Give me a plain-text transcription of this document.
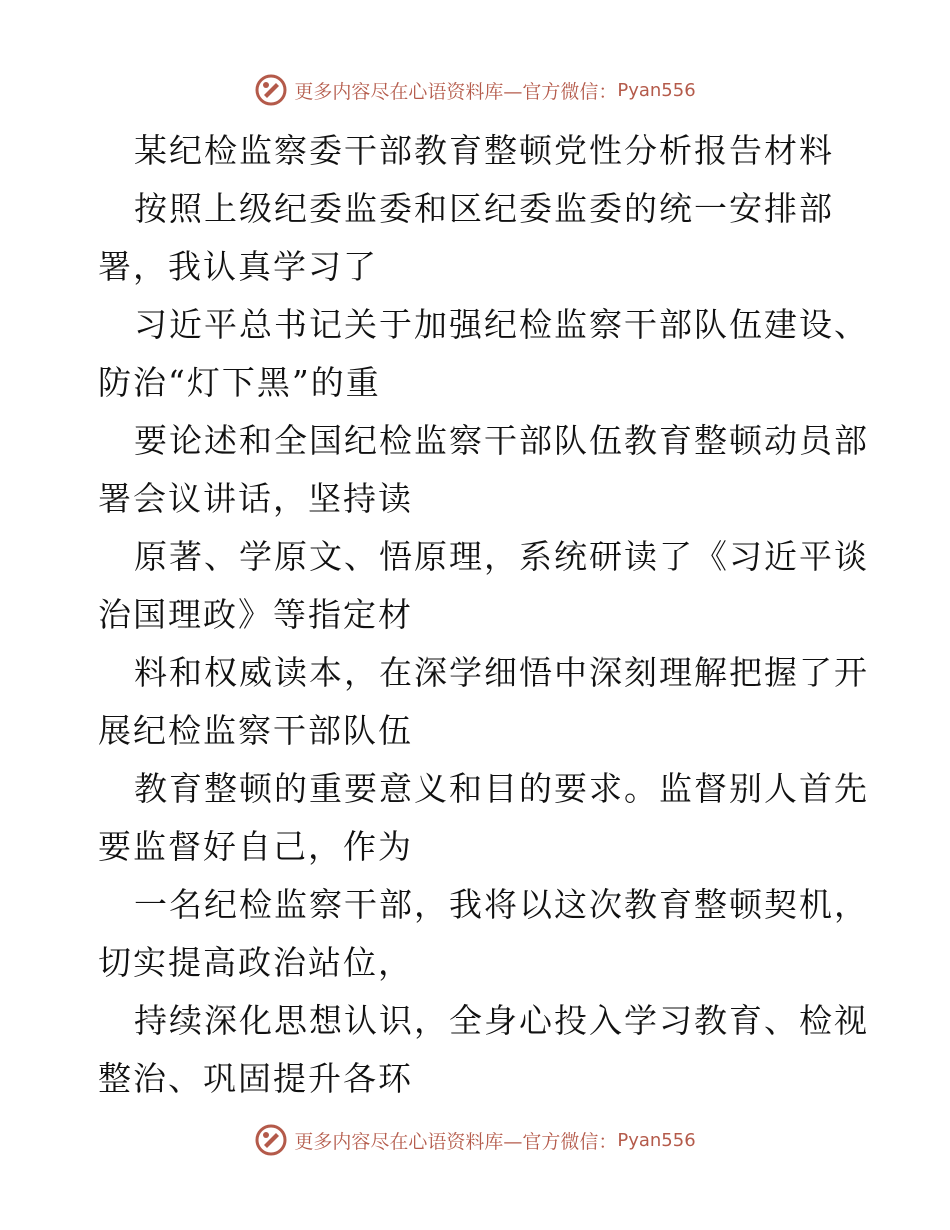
更多内容尽在心语资料库—官方微信： Pyan556
某纪检监察委干部教育整顿党性分析报告材料
按照上级纪委监委和区纪委监委的统一安排部
署，我认真学习了
习近平总书记关于加强纪检监察干部队伍建设、
防治“灯下黑”的重
要论述和全国纪检监察干部队伍教育整顿动员部
署会议讲话，坚持读
原著、学原文、悟原理，系统研读了《习近平谈
治国理政》等指定材
料和权威读本，在深学细悟中深刻理解把握了开
展纪检监察干部队伍
教育整顿的重要意义和目的要求。监督别人首先
要监督好自己，作为
一名纪检监察干部，我将以这次教育整顿契机，
切实提高政治站位，
持续深化思想认识，全身心投入学习教育、检视
整治、巩固提升各环
更多内容尽在心语资料库—官方微信： Pyan556
